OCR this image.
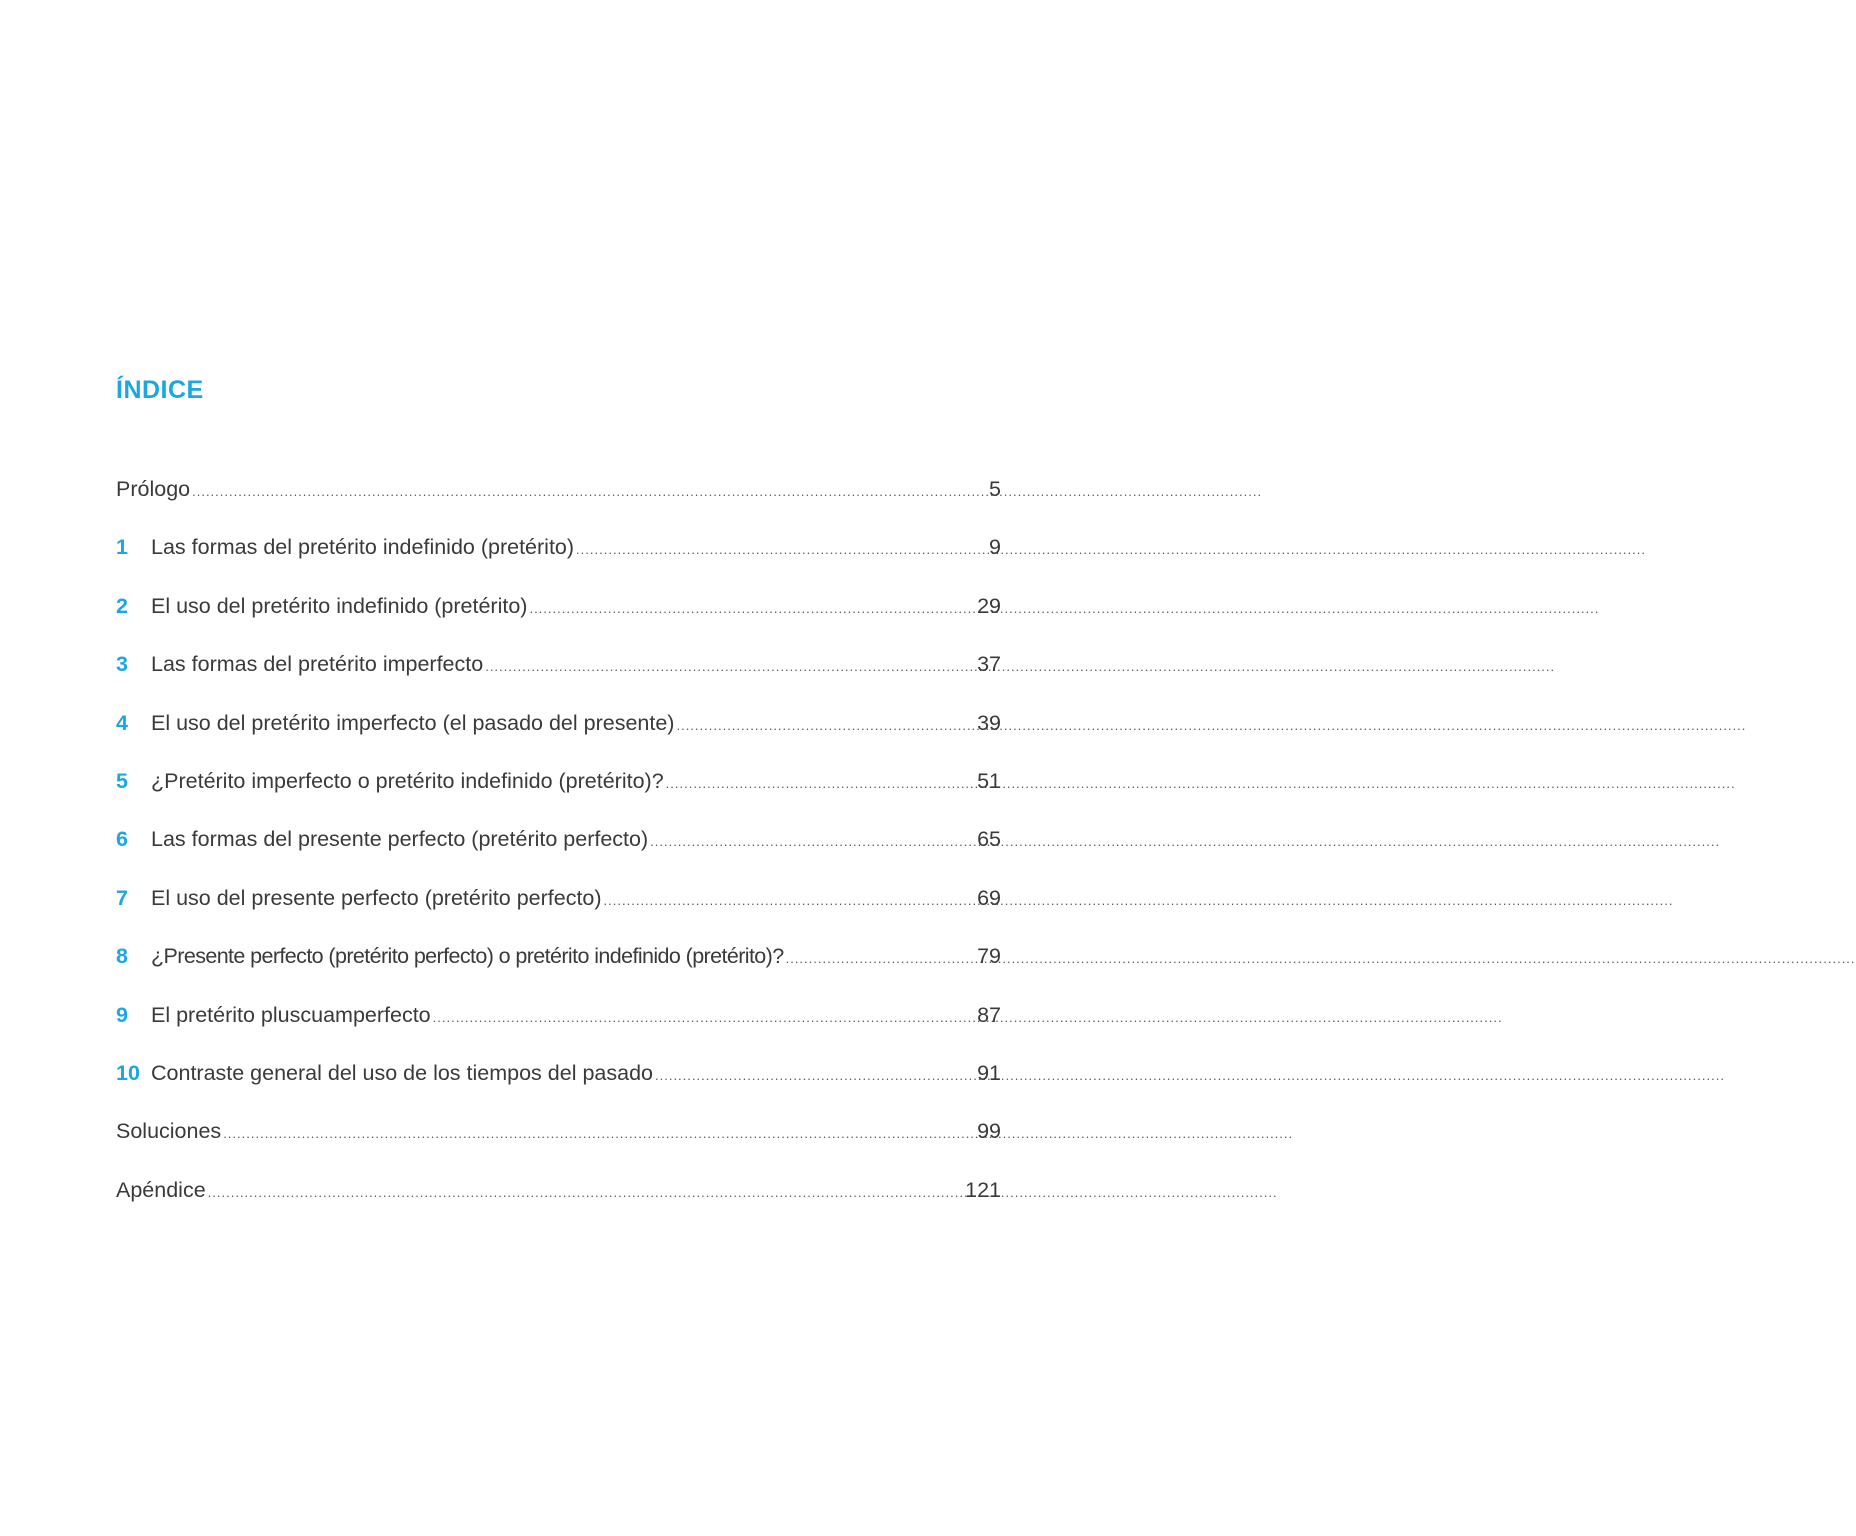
ÍNDICE
Prólogo .....	5
1	Las formas del pretérito indefinido (pretérito) .....	9
2	El uso del pretérito indefinido (pretérito) .....	29
3	Las formas del pretérito imperfecto .....	37
4	El uso del pretérito imperfecto (el pasado del presente) .....	39
5	¿Pretérito imperfecto o pretérito indefinido (pretérito)? .....	51
6	Las formas del presente perfecto (pretérito perfecto) .....	65
7	El uso del presente perfecto (pretérito perfecto) .....	69
8	¿Presente perfecto (pretérito perfecto) o pretérito indefinido (pretérito)? .....	79
9	El pretérito pluscuamperfecto .....	87
10 Contraste general del uso de los tiempos del pasado .....	91
Soluciones .....	99
Apéndice .....	121
